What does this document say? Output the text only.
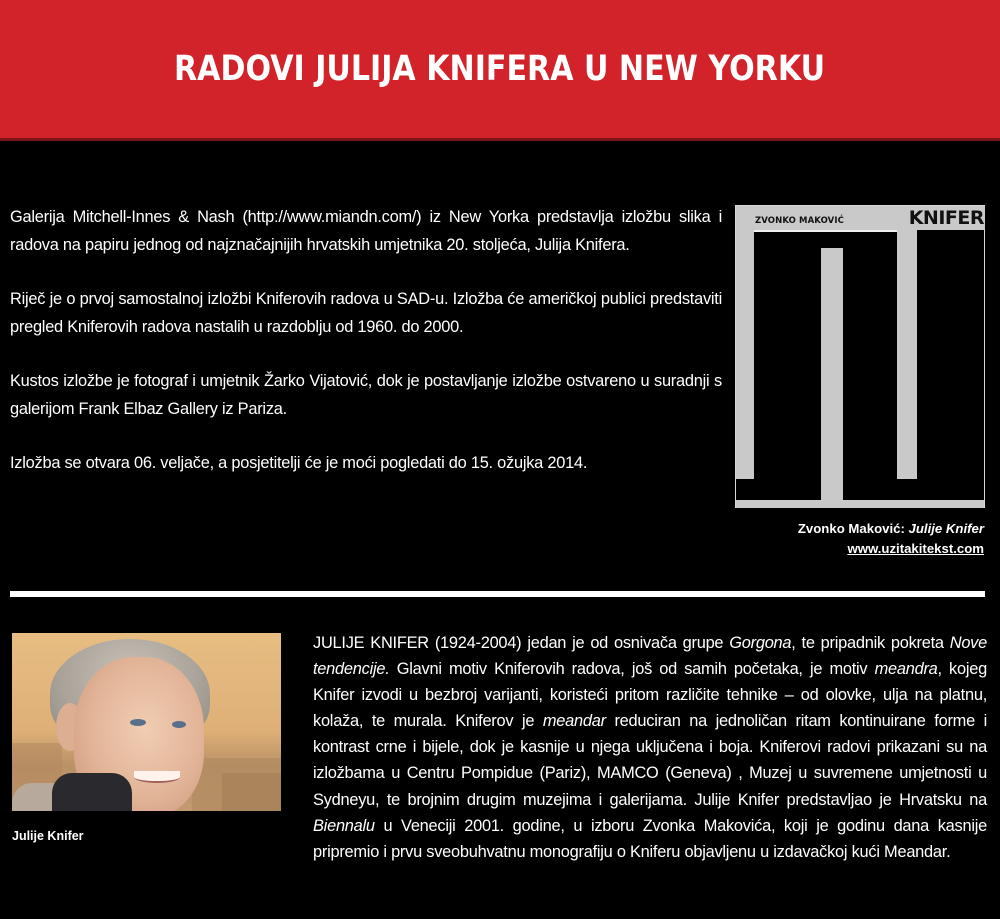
RADOVI JULIJA KNIFERA U NEW YORKU

Galerija Mitchell-Innes & Nash (http://www.miandn.com/) iz New Yorka predstavlja izložbu slika i radova na papiru jednog od najznačajnijih hrvatskih umjetnika 20. stoljeća, Julija Knifera.

Riječ je o prvoj samostalnoj izložbi Kniferovih radova u SAD-u. Izložba će američkoj publici predstaviti pregled Kniferovih radova nastalih u razdoblju od 1960. do 2000.

Kustos izložbe je fotograf i umjetnik Žarko Vijatović, dok je postavljanje izložbe ostvareno u suradnji s galerijom Frank Elbaz Gallery iz Pariza.

Izložba se otvara 06. veljače, a posjetitelji će je moći pogledati do 15. ožujka 2014.

ZVONKO MAKOVIĆ	KNIFER
Zvonko Maković: Julije Knifer
www.uzitakitekst.com
Julije Knifer
JULIJE KNIFER (1924-2004) jedan je od osnivača grupe Gorgona, te pripadnik pokreta Nove tendencije. Glavni motiv Kniferovih radova, još od samih početaka, je motiv meandra, kojeg Knifer izvodi u bezbroj varijanti, koristeći pritom različite tehnike – od olovke, ulja na platnu, kolaža, te murala. Kniferov je meandar reduciran na jednoličan ritam kontinuirane forme i kontrast crne i bijele, dok je kasnije u njega uključena i boja. Kniferovi radovi prikazani su na izložbama u Centru Pompidue (Pariz), MAMCO (Geneva) , Muzej u suvremene umjetnosti u Sydneyu, te brojnim drugim muzejima i galerijama. Julije Knifer predstavljao je Hrvatsku na Biennalu u Veneciji 2001. godine, u izboru Zvonka Makovića, koji je godinu dana kasnije pripremio i prvu sveobuhvatnu monografiju o Kniferu objavljenu u izdavačkoj kući Meandar.
